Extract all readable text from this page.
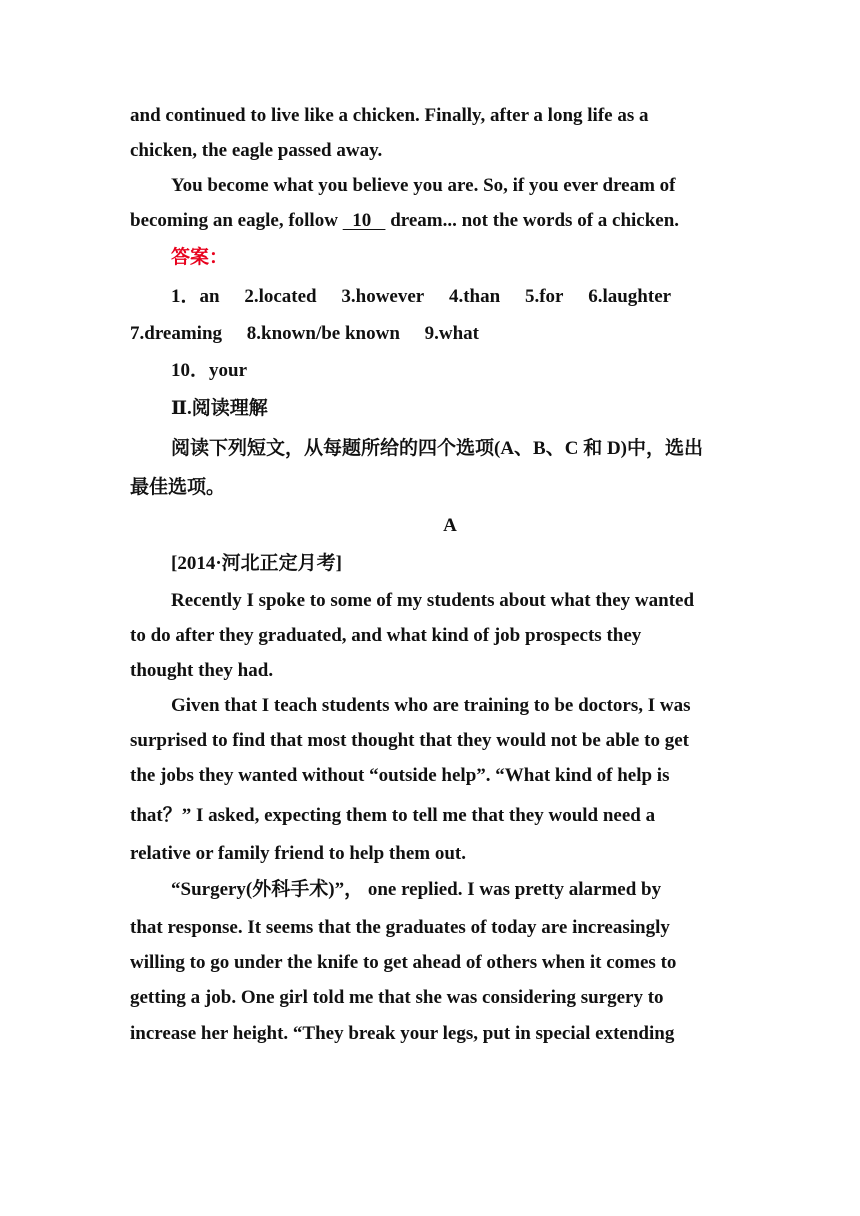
and continued to live like a chicken. Finally, after a long life as a
chicken, the eagle passed away.
You become what you believe you are. So, if you ever dream of
becoming an eagle, follow   10    dream... not the words of a chicken.
答案：
1．an 2.located 3.however 4.than 5.for 6.laughter
7.dreaming 8.known/be known 9.what
10．your
Ⅱ.阅读理解
阅读下列短文，从每题所给的四个选项(A、B、C 和 D)中，选出
最佳选项。
A
[2014·河北正定月考]
Recently I spoke to some of my students about what they wanted
to do after they graduated, and what kind of job prospects they
thought they had.
Given that I teach students who are training to be doctors, I was
surprised to find that most thought that they would not be able to get
the jobs they wanted without “outside help”. “What kind of help is
that？” I asked, expecting them to tell me that they would need a
relative or family friend to help them out.
“Surgery(外科手术)”， one replied. I was pretty alarmed by
that response. It seems that the graduates of today are increasingly
willing to go under the knife to get ahead of others when it comes to
getting a job. One girl told me that she was considering surgery to
increase her height. “They break your legs, put in special extending
